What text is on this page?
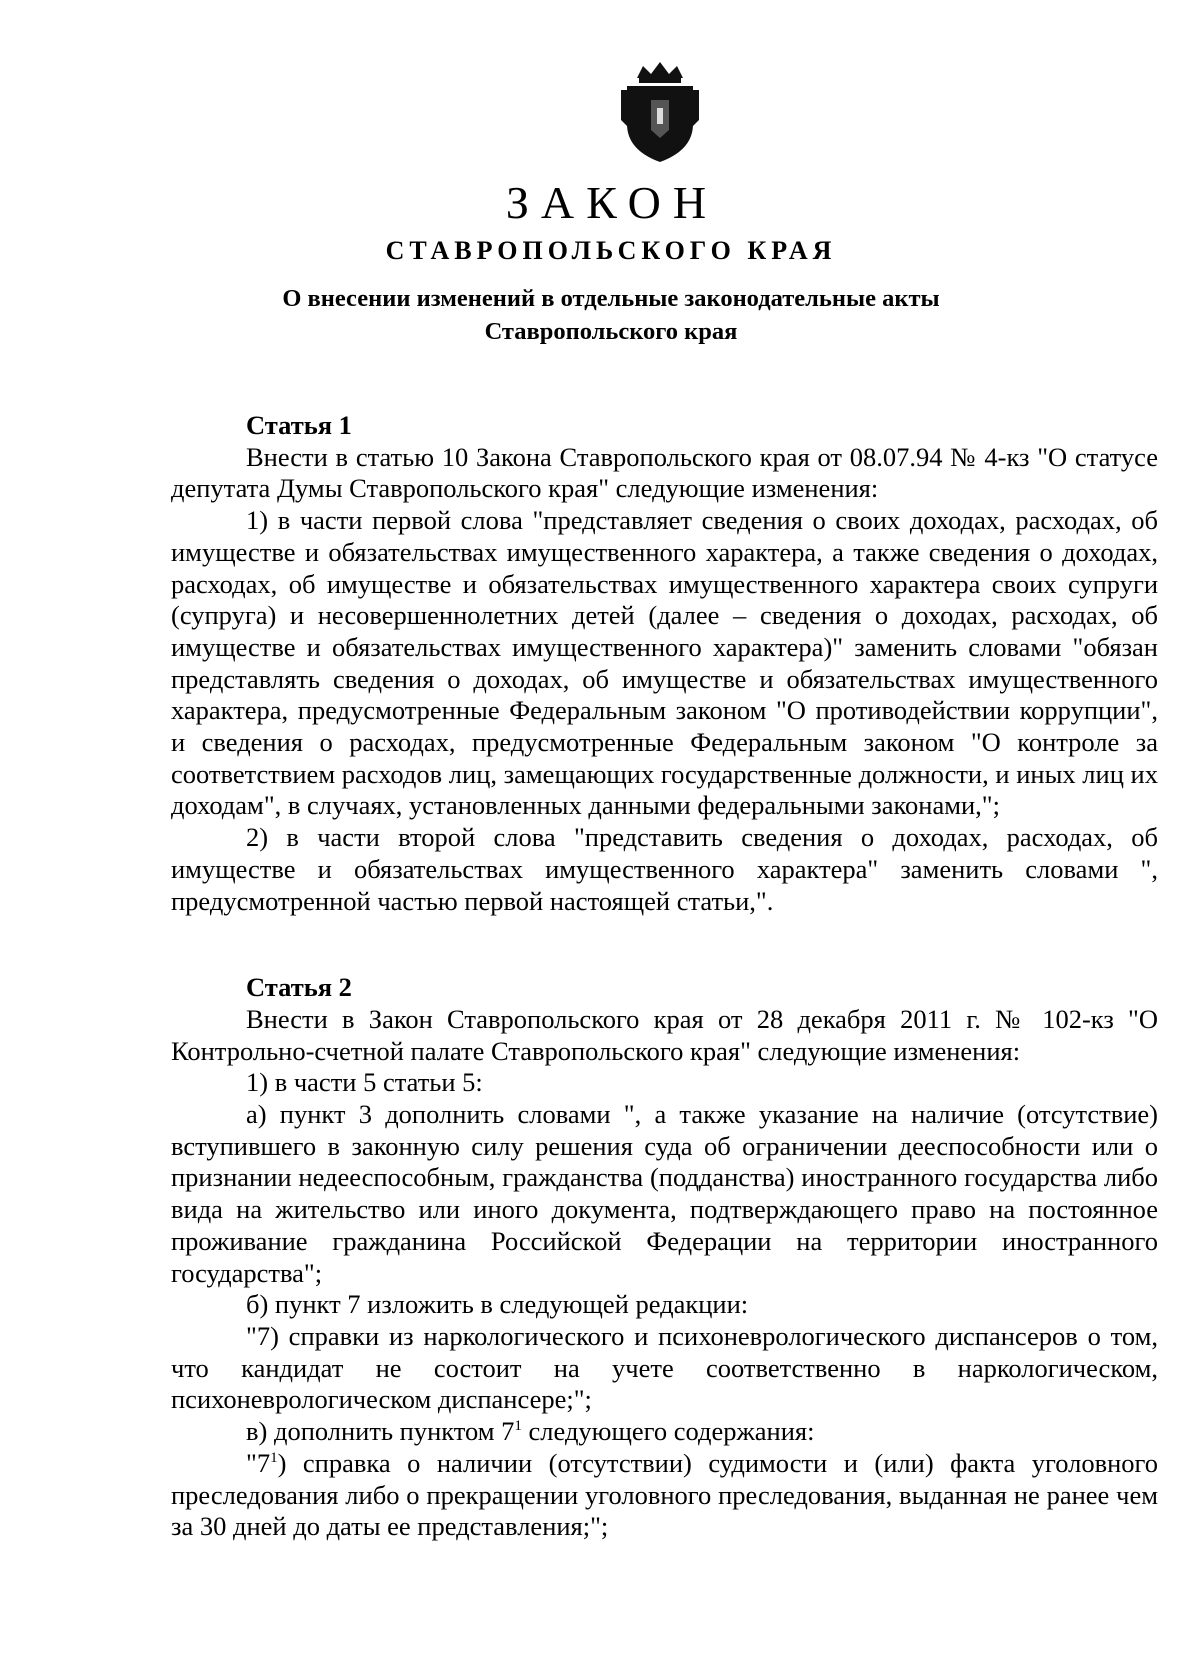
ЗАКОН
СТАВРОПОЛЬСКОГО КРАЯ
О внесении изменений в отдельные законодательные акты
Ставропольского края

Статья 1

Внести в статью 10 Закона Ставропольского края от 08.07.94 № 4-кз "О статусе депутата Думы Ставропольского края" следующие изменения:

1) в части первой слова "представляет сведения о своих доходах, расходах, об имуществе и обязательствах имущественного характера, а также сведения о доходах, расходах, об имуществе и обязательствах имущественного характера своих супруги (супруга) и несовершеннолетних детей (далее – сведения о доходах, расходах, об имуществе и обязательствах имущественного характера)" заменить словами "обязан представлять сведения о доходах, об имуществе и обязательствах имущественного характера, предусмотренные Федеральным законом "О противодействии коррупции", и сведения о расходах, предусмотренные Федеральным законом "О контроле за соответствием расходов лиц, замещающих государственные должности, и иных лиц их доходам", в случаях, установленных данными федеральными законами,";

2) в части второй слова "представить сведения о доходах, расходах, об имуществе и обязательствах имущественного характера" заменить словами ", предусмотренной частью первой настоящей статьи,".

Статья 2

Внести в Закон Ставропольского края от 28 декабря 2011 г. № 102-кз "О Контрольно-счетной палате Ставропольского края" следующие изменения:

1) в части 5 статьи 5:

а) пункт 3 дополнить словами ", а также указание на наличие (отсутствие) вступившего в законную силу решения суда об ограничении дееспособности или о признании недееспособным, гражданства (подданства) иностранного государства либо вида на жительство или иного документа, подтверждающего право на постоянное проживание гражданина Российской Федерации на территории иностранного государства";

б) пункт 7 изложить в следующей редакции:

"7) справки из наркологического и психоневрологического диспансеров о том, что кандидат не состоит на учете соответственно в наркологическом, психоневрологическом диспансере;";

в) дополнить пунктом $7^1$ следующего содержания:

"$7^1$) справка о наличии (отсутствии) судимости и (или) факта уголовного преследования либо о прекращении уголовного преследования, выданная не ранее чем за 30 дней до даты ее представления;";
